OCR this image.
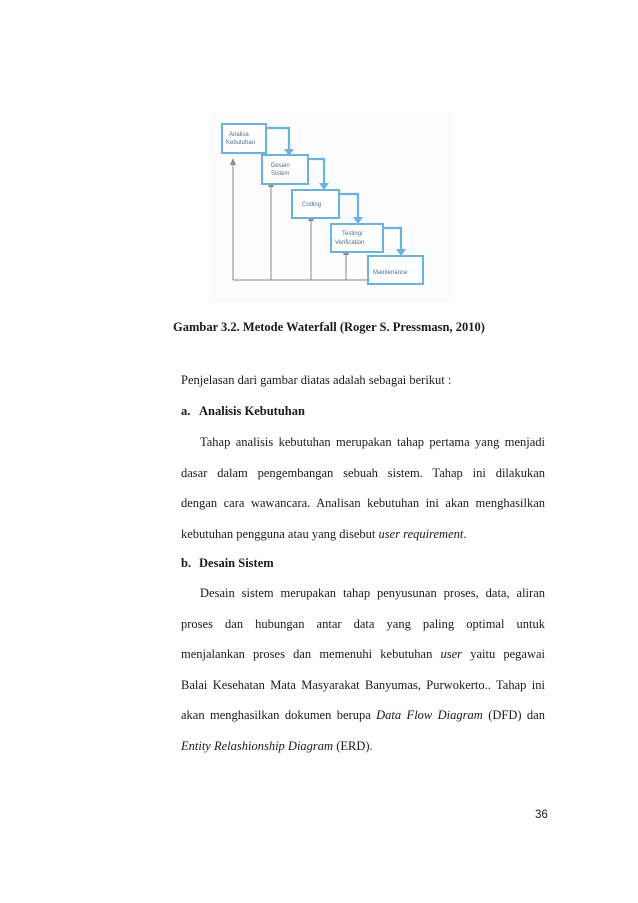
Analisa
Kebutuhan
Desain
Sistem
Coding
Testing/
Verification
Maintenance
Gambar 3.2. Metode Waterfall (Roger S. Pressmasn, 2010)
Penjelasan dari gambar diatas adalah sebagai berikut :
a. Analisis Kebutuhan
Tahap analisis kebutuhan merupakan tahap pertama yang menjadi
dasar dalam pengembangan sebuah sistem. Tahap ini dilakukan
dengan cara wawancara. Analisan kebutuhan ini akan menghasilkan
kebutuhan pengguna atau yang disebut user requirement.
b. Desain Sistem
Desain sistem merupakan tahap penyusunan proses, data, aliran
proses dan hubungan antar data yang paling optimal untuk
menjalankan proses dan memenuhi kebutuhan user yaitu pegawai
Balai Kesehatan Mata Masyarakat Banyumas, Purwokerto.. Tahap ini
akan menghasilkan dokumen berupa Data Flow Diagram (DFD) dan
Entity Relashionship Diagram (ERD).
36
